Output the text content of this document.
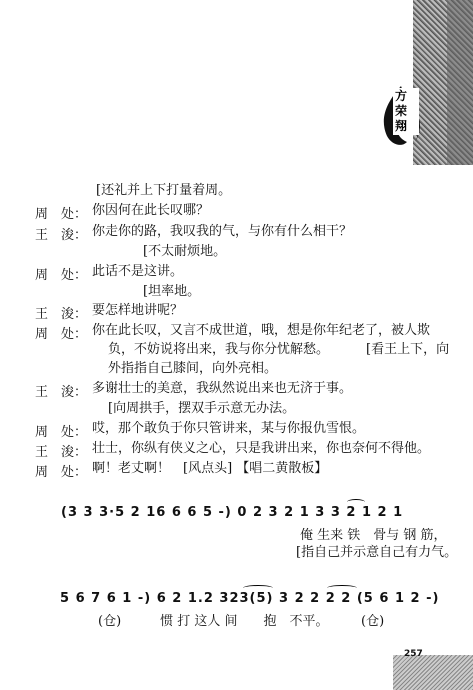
方荣翔
[还礼并上下打量着周。
周　处： 你因何在此长叹哪？
王　浚： 你走你的路，我叹我的气，与你有什么相干？
[不太耐烦地。
周　处： 此话不是这讲。
[坦率地。
王　浚： 要怎样地讲呢？
周　处： 你在此长叹，又言不成世道，哦，想是你年纪老了，被人欺
负，不妨说将出来，我与你分忧解愁。	[看王上下，向
外指指自己膝间，向外亮相。
王　浚： 多谢壮士的美意，我纵然说出来也无济于事。
[向周拱手，摆双手示意无办法。
周　处： 哎，那个敢负于你只管讲来，某与你报仇雪恨。
王　浚： 壮士，你纵有侠义之心，只是我讲出来，你也奈何不得他。
周　处： 啊！老丈啊！　[风点头] 【唱二黄散板】
(3 3 3·5 2 16 6 6 5 -) 0 2 3 2 1 3 3 2 1 2 1
俺 生来 铁　骨与 钢 筋，
[指自己并示意自己有力气。
5 6 7 6 1 -) 6 2 1.2 323(5) 3 2 2 2 2 (5 6 1 2 -)
(仓)　　　惯 打 这人 间　　抱　不平。　　　(仓)
257
